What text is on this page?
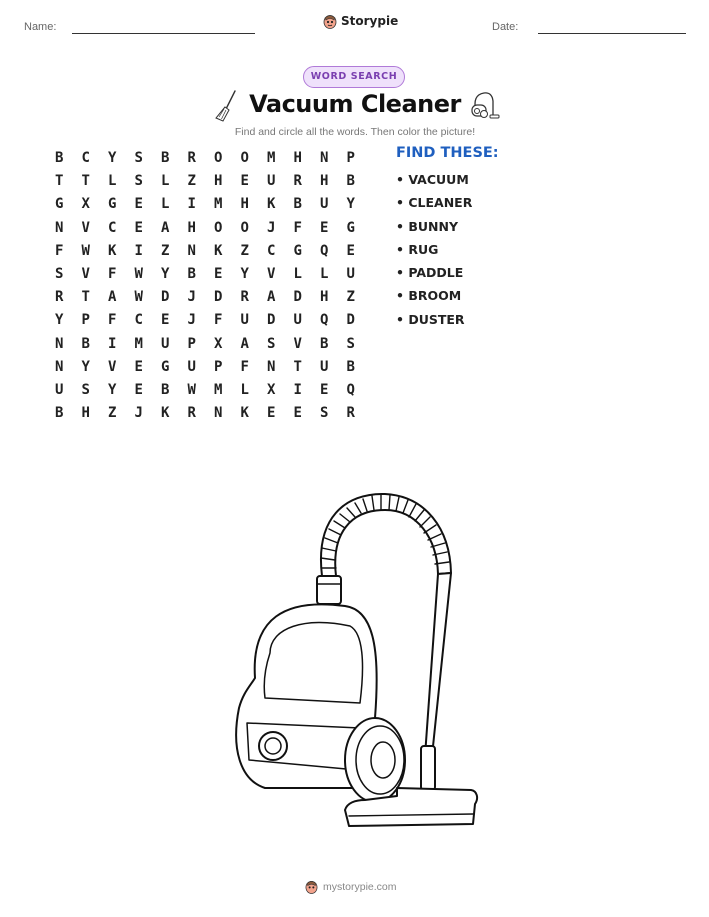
Name:	Storypie	Date:
WORD SEARCH
Vacuum Cleaner
Find and circle all the words. Then color the picture!
B	C	Y	S	B	R	O	O	M	H	N	P
T	T	L	S	L	Z	H	E	U	R	H	B
G	X	G	E	L	I	M	H	K	B	U	Y
N	V	C	E	A	H	O	O	J	F	E	G
F	W	K	I	Z	N	K	Z	C	G	Q	E
S	V	F	W	Y	B	E	Y	V	L	L	U
R	T	A	W	D	J	D	R	A	D	H	Z
Y	P	F	C	E	J	F	U	D	U	Q	D
N	B	I	M	U	P	X	A	S	V	B	S
N	Y	V	E	G	U	P	F	N	T	U	B
U	S	Y	E	B	W	M	L	X	I	E	Q
B	H	Z	J	K	R	N	K	E	E	S	R
FIND THESE:
• VACUUM
• CLEANER
• BUNNY
• RUG
• PADDLE
• BROOM
• DUSTER
mystorypie.com
